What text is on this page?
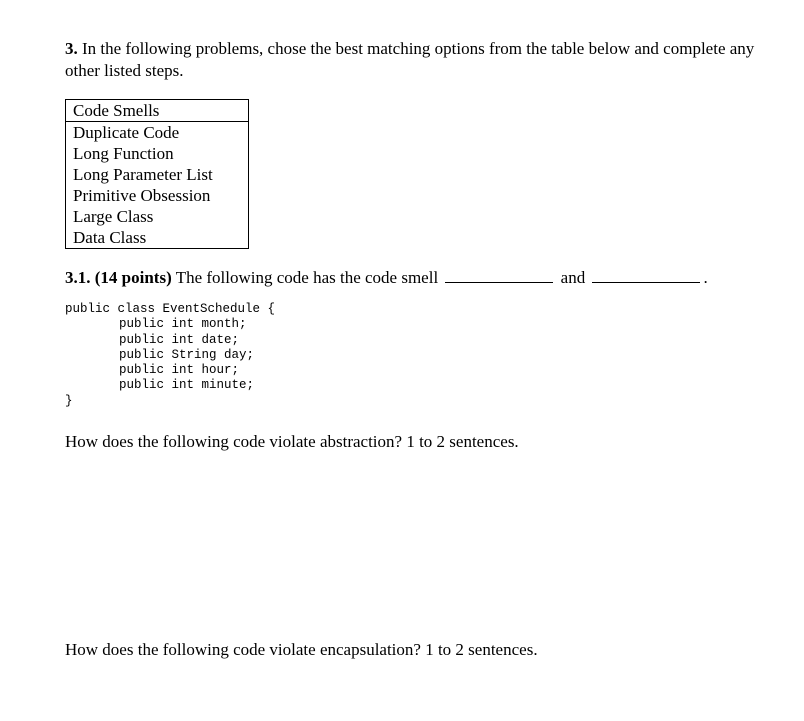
3. In the following problems, chose the best matching options from the table below and complete any other listed steps.

Code Smells
Duplicate Code
Long Function
Long Parameter List
Primitive Obsession
Large Class
Data Class

3.1. (14 points) The following code has the code smell	and	.

public class EventSchedule {
public int month;
public int date;
public String day;
public int hour;
public int minute;
}

How does the following code violate abstraction? 1 to 2 sentences.

How does the following code violate encapsulation? 1 to 2 sentences.
